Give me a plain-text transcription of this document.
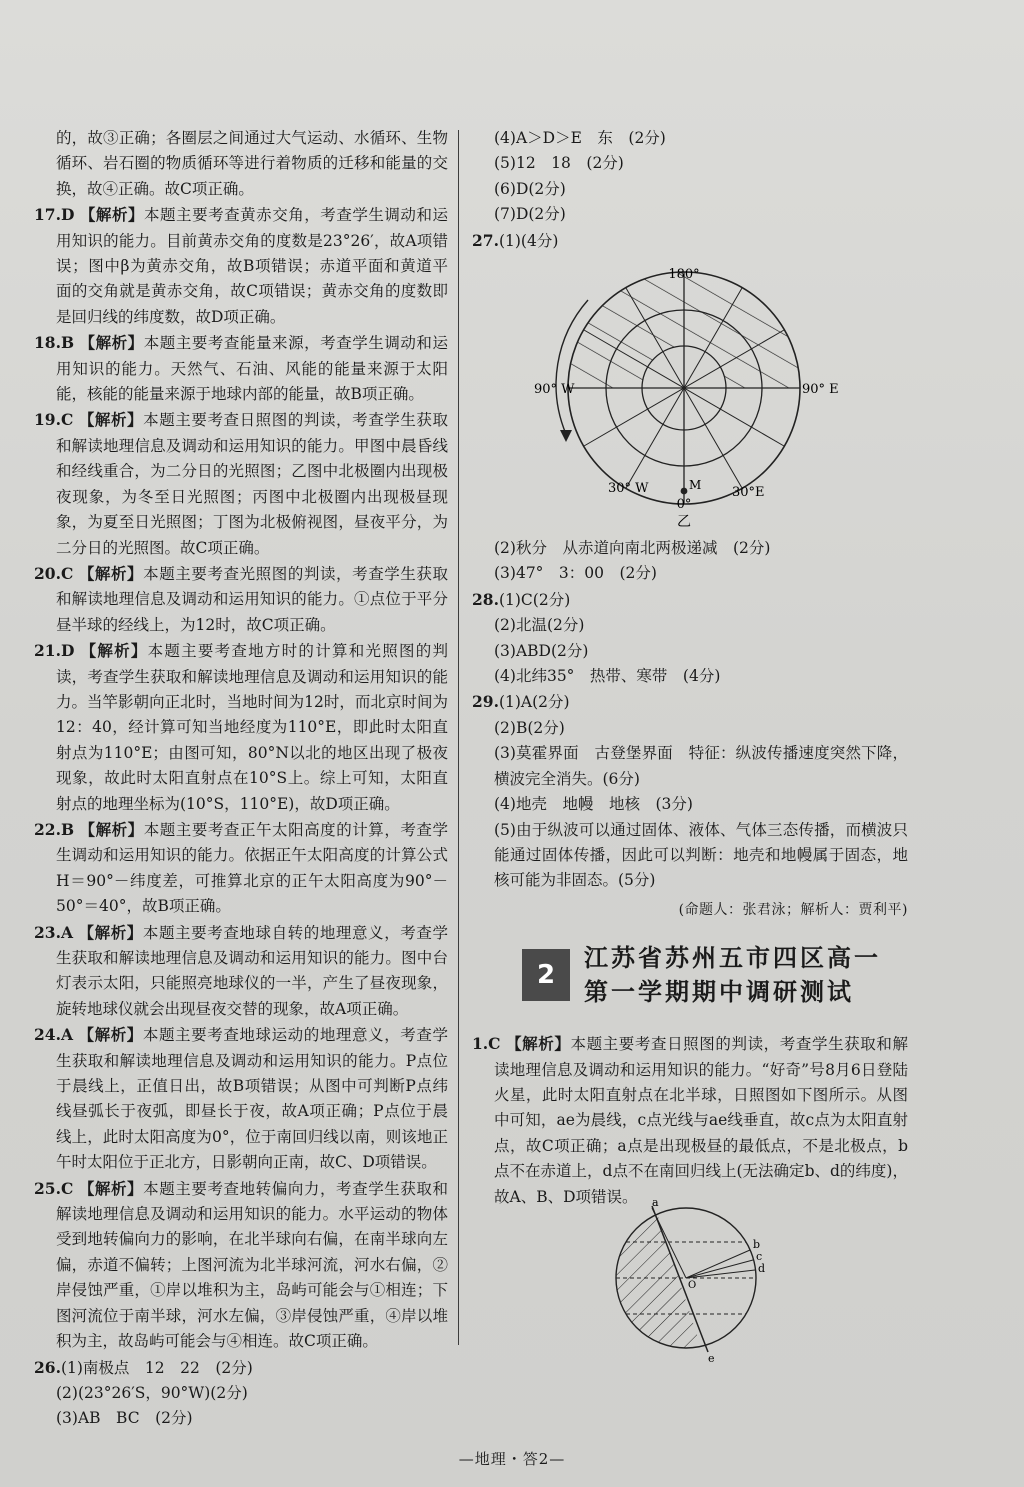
的，故③正确；各圈层之间通过大气运动、水循环、生物循环、岩石圈的物质循环等进行着物质的迁移和能量的交换，故④正确。故C项正确。

17.D 【解析】本题主要考查黄赤交角，考查学生调动和运用知识的能力。目前黄赤交角的度数是23°26′，故A项错误；图中β为黄赤交角，故B项错误；赤道平面和黄道平面的交角就是黄赤交角，故C项错误；黄赤交角的度数即是回归线的纬度数，故D项正确。

18.B 【解析】本题主要考查能量来源，考查学生调动和运用知识的能力。天然气、石油、风能的能量来源于太阳能，核能的能量来源于地球内部的能量，故B项正确。

19.C 【解析】本题主要考查日照图的判读，考查学生获取和解读地理信息及调动和运用知识的能力。甲图中晨昏线和经线重合，为二分日的光照图；乙图中北极圈内出现极夜现象，为冬至日光照图；丙图中北极圈内出现极昼现象，为夏至日光照图；丁图为北极俯视图，昼夜平分，为二分日的光照图。故C项正确。

20.C 【解析】本题主要考查光照图的判读，考查学生获取和解读地理信息及调动和运用知识的能力。①点位于平分昼半球的经线上，为12时，故C项正确。

21.D 【解析】本题主要考查地方时的计算和光照图的判读，考查学生获取和解读地理信息及调动和运用知识的能力。当竿影朝向正北时，当地时间为12时，而北京时间为12：40，经计算可知当地经度为110°E，即此时太阳直射点为110°E；由图可知，80°N以北的地区出现了极夜现象，故此时太阳直射点在10°S上。综上可知，太阳直射点的地理坐标为(10°S，110°E)，故D项正确。

22.B 【解析】本题主要考查正午太阳高度的计算，考查学生调动和运用知识的能力。依据正午太阳高度的计算公式H＝90°－纬度差，可推算北京的正午太阳高度为90°－50°＝40°，故B项正确。

23.A 【解析】本题主要考查地球自转的地理意义，考查学生获取和解读地理信息及调动和运用知识的能力。图中台灯表示太阳，只能照亮地球仪的一半，产生了昼夜现象，旋转地球仪就会出现昼夜交替的现象，故A项正确。

24.A 【解析】本题主要考查地球运动的地理意义，考查学生获取和解读地理信息及调动和运用知识的能力。P点位于晨线上，正值日出，故B项错误；从图中可判断P点纬线昼弧长于夜弧，即昼长于夜，故A项正确；P点位于晨线上，此时太阳高度为0°，位于南回归线以南，则该地正午时太阳位于正北方，日影朝向正南，故C、D项错误。

25.C 【解析】本题主要考查地转偏向力，考查学生获取和解读地理信息及调动和运用知识的能力。水平运动的物体受到地转偏向力的影响，在北半球向右偏，在南半球向左偏，赤道不偏转；上图河流为北半球河流，河水右偏，②岸侵蚀严重，①岸以堆积为主，岛屿可能会与①相连；下图河流位于南半球，河水左偏，③岸侵蚀严重，④岸以堆积为主，故岛屿可能会与④相连。故C项正确。

26.(1)南极点　12　22　(2分)

(2)(23°26′S，90°W)(2分)

(3)AB　BC　(2分)

(4)A＞D＞E　东　(2分)

(5)12　18　(2分)

(6)D(2分)

(7)D(2分)

27.(1)(4分)

(2)秋分　从赤道向南北两极递减　(2分)

(3)47°　3：00　(2分)

28.(1)C(2分)

(2)北温(2分)

(3)ABD(2分)

(4)北纬35°　热带、寒带　(4分)

29.(1)A(2分)

(2)B(2分)

(3)莫霍界面　古登堡界面　特征：纵波传播速度突然下降，横波完全消失。(6分)

(4)地壳　地幔　地核　(3分)

(5)由于纵波可以通过固体、液体、气体三态传播，而横波只能通过固体传播，因此可以判断：地壳和地幔属于固态，地核可能为非固态。(5分)

(命题人：张君泳；解析人：贾利平)

2
江苏省苏州五市四区高一第一学期期中调研测试

1.C 【解析】本题主要考查日照图的判读，考查学生获取和解读地理信息及调动和运用知识的能力。“好奇”号8月6日登陆火星，此时太阳直射点在北半球，日照图如下图所示。从图中可知，ae为晨线，c点光线与ae线垂直，故c点为太阳直射点，故C项正确；a点是出现极昼的最低点，不是北极点，b点不在赤道上，d点不在南回归线上(无法确定b、d的纬度)，故A、B、D项错误。

180°
90° W	90° E
30° W	30°E
M
0°
乙
a
b
c
d
e
O
—地理・答2—
